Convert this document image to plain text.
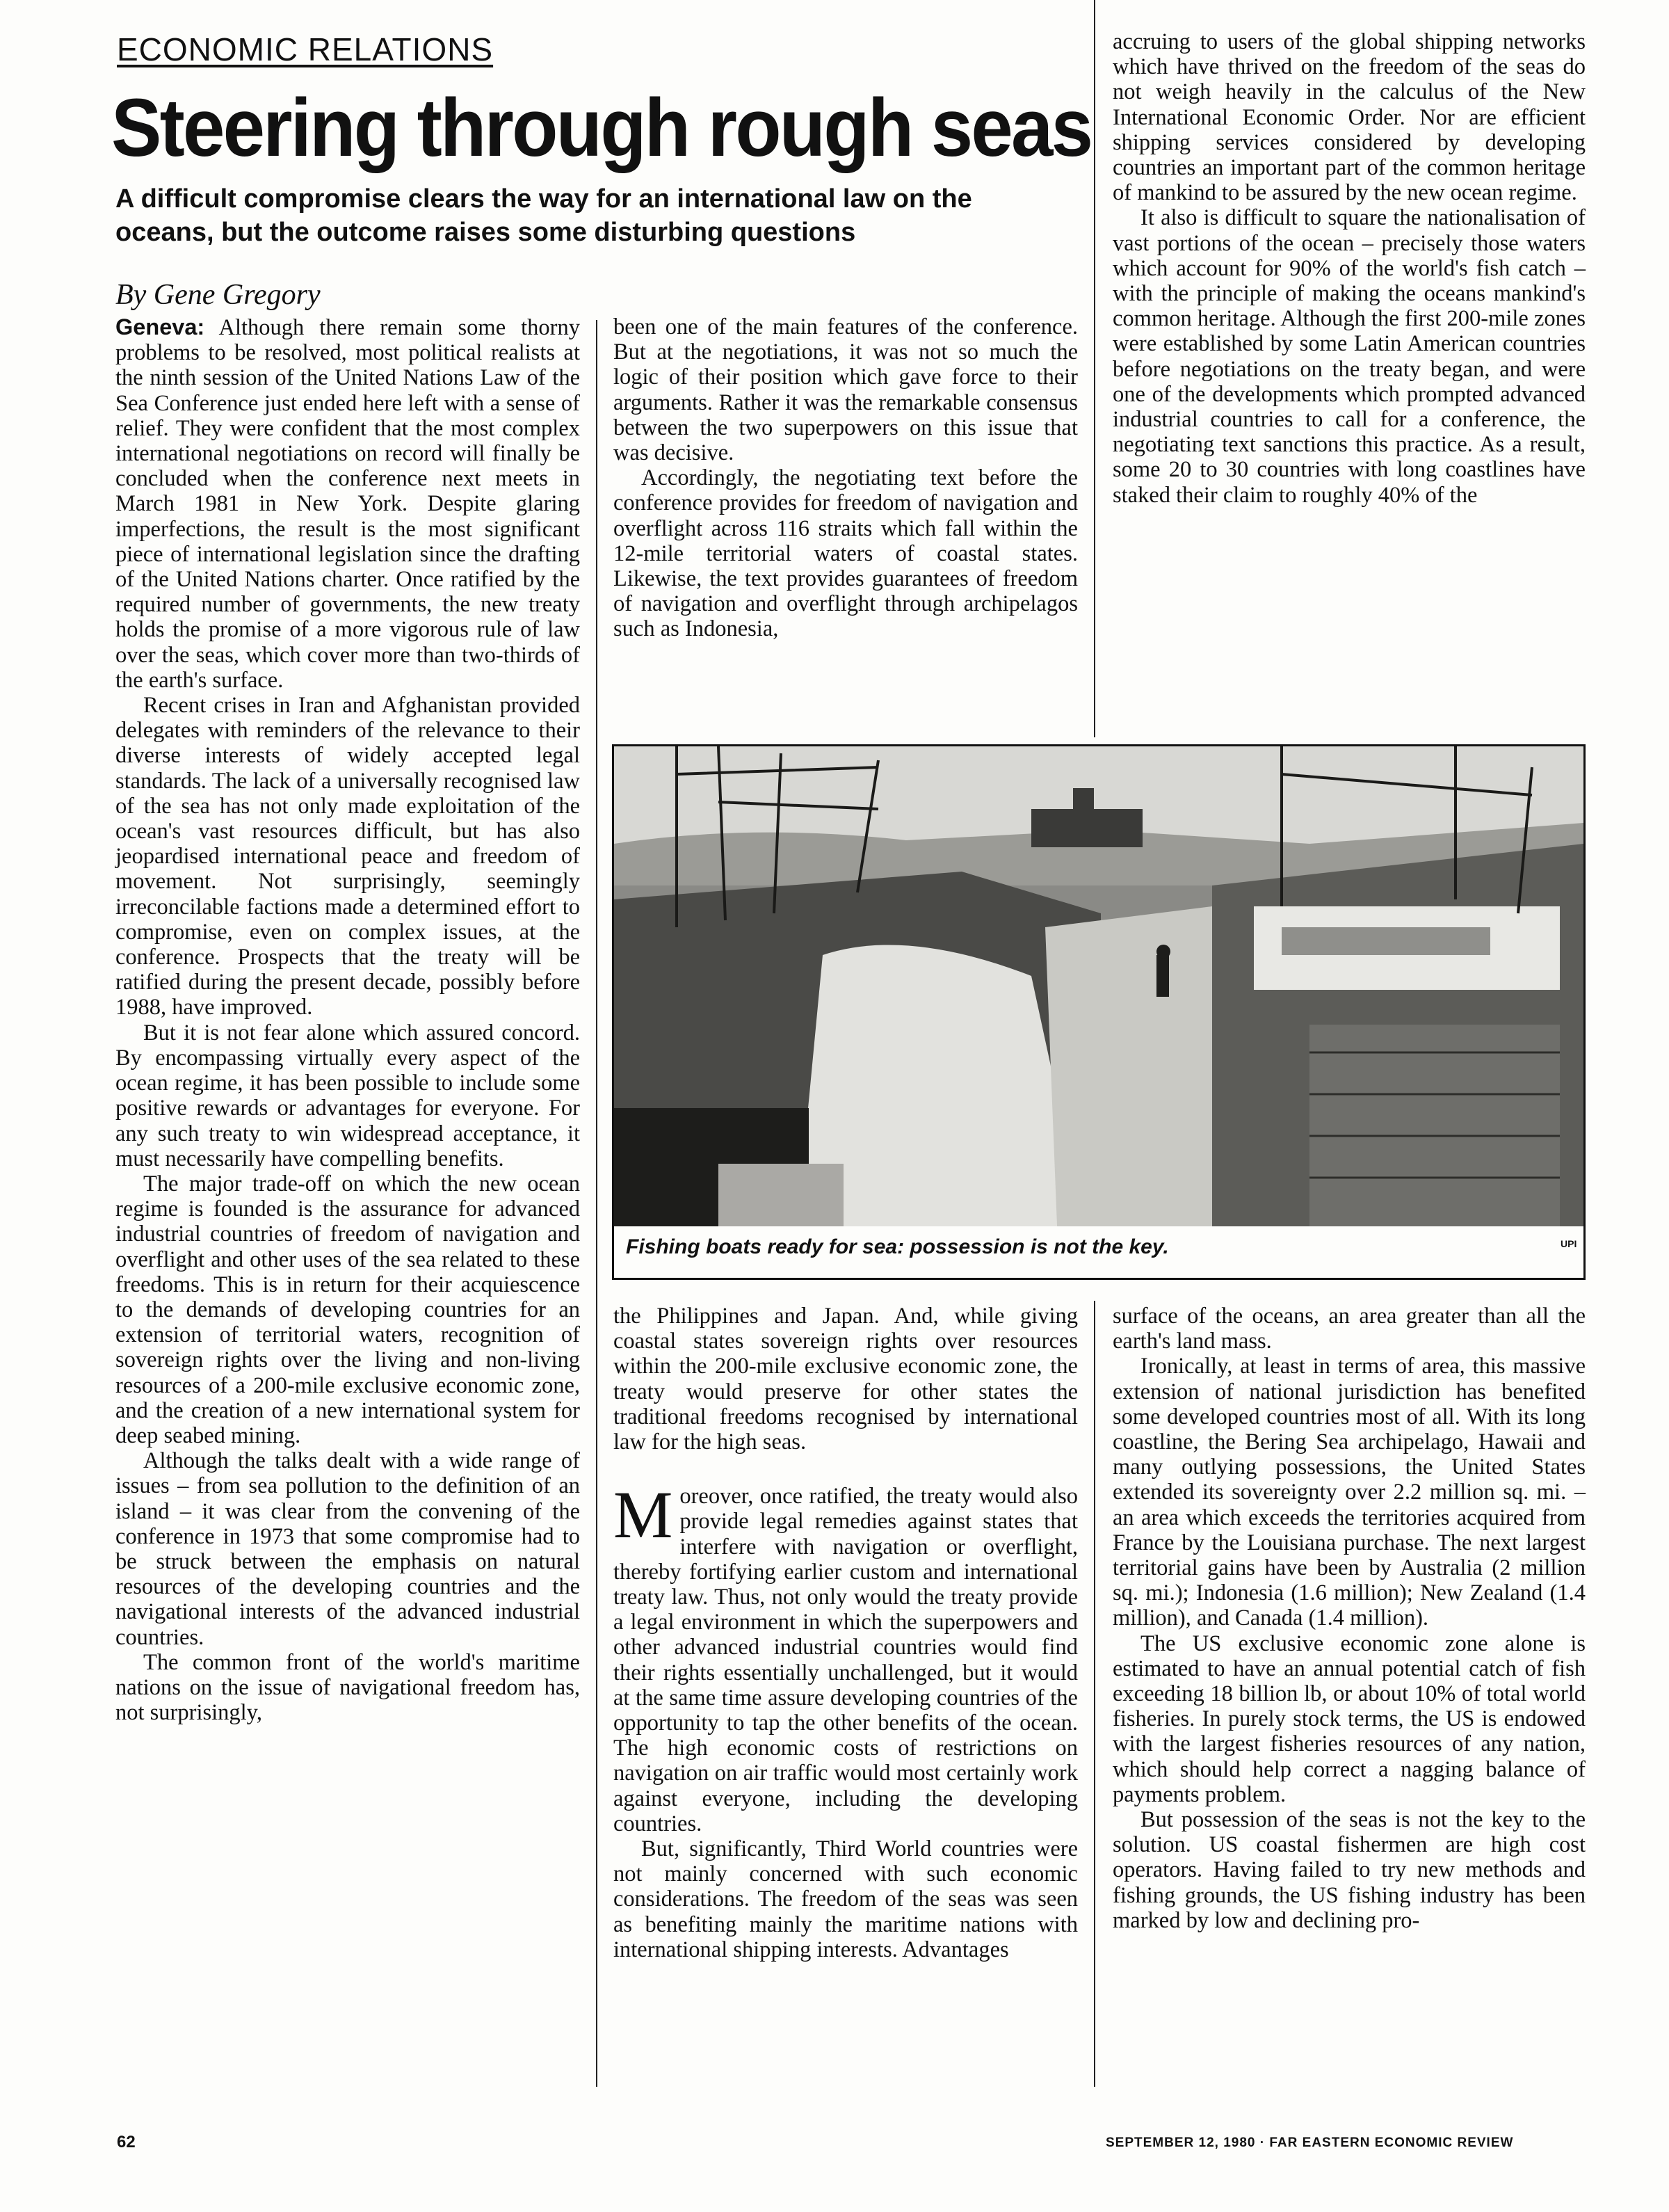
ECONOMIC RELATIONS
Steering through rough seas

A difficult compromise clears the way for an international law on the oceans, but the outcome raises some disturbing questions

By Gene Gregory

Geneva: Although there remain some thorny problems to be resolved, most political realists at the ninth session of the United Nations Law of the Sea Conference just ended here left with a sense of relief. They were confident that the most complex international negotiations on record will finally be concluded when the conference next meets in March 1981 in New York. Despite glaring imperfections, the result is the most significant piece of international legislation since the drafting of the United Nations charter. Once ratified by the required number of governments, the new treaty holds the promise of a more vigorous rule of law over the seas, which cover more than two-thirds of the earth's surface.

Recent crises in Iran and Afghanistan provided delegates with reminders of the relevance to their diverse interests of widely accepted legal standards. The lack of a universally recognised law of the sea has not only made exploitation of the ocean's vast resources difficult, but has also jeopardised international peace and freedom of movement. Not surprisingly, seemingly irreconcilable factions made a determined effort to compromise, even on complex issues, at the conference. Prospects that the treaty will be ratified during the present decade, possibly before 1988, have improved.

But it is not fear alone which assured concord. By encompassing virtually every aspect of the ocean regime, it has been possible to include some positive rewards or advantages for everyone. For any such treaty to win widespread acceptance, it must necessarily have compelling benefits.

The major trade-off on which the new ocean regime is founded is the assurance for advanced industrial countries of freedom of navigation and overflight and other uses of the sea related to these freedoms. This is in return for their acquiescence to the demands of developing countries for an extension of territorial waters, recognition of sovereign rights over the living and non-living resources of a 200-mile exclusive economic zone, and the creation of a new international system for deep seabed mining.

Although the talks dealt with a wide range of issues – from sea pollution to the definition of an island – it was clear from the convening of the conference in 1973 that some compromise had to be struck between the emphasis on natural resources of the developing countries and the navigational interests of the advanced industrial countries.

The common front of the world's maritime nations on the issue of navigational freedom has, not surprisingly,

been one of the main features of the conference. But at the negotiations, it was not so much the logic of their position which gave force to their arguments. Rather it was the remarkable consensus between the two superpowers on this issue that was decisive.

Accordingly, the negotiating text before the conference provides for freedom of navigation and overflight across 116 straits which fall within the 12-mile territorial waters of coastal states. Likewise, the text provides guarantees of freedom of navigation and overflight through archipelagos such as Indonesia,

accruing to users of the global shipping networks which have thrived on the freedom of the seas do not weigh heavily in the calculus of the New International Economic Order. Nor are efficient shipping services considered by developing countries an important part of the common heritage of mankind to be assured by the new ocean regime.

It also is difficult to square the nationalisation of vast portions of the ocean – precisely those waters which account for 90% of the world's fish catch – with the principle of making the oceans mankind's common heritage. Although the first 200-mile zones were established by some Latin American countries before negotiations on the treaty began, and were one of the developments which prompted advanced industrial countries to call for a conference, the negotiating text sanctions this practice. As a result, some 20 to 30 countries with long coastlines have staked their claim to roughly 40% of the

Fishing boats ready for sea: possession is not the key.	UPI

the Philippines and Japan. And, while giving coastal states sovereign rights over resources within the 200-mile exclusive economic zone, the treaty would preserve for other states the traditional freedoms recognised by international law for the high seas.

Moreover, once ratified, the treaty would also provide legal remedies against states that interfere with navigation or overflight, thereby fortifying earlier custom and international treaty law. Thus, not only would the treaty provide a legal environment in which the superpowers and other advanced industrial countries would find their rights essentially unchallenged, but it would at the same time assure developing countries of the opportunity to tap the other benefits of the ocean. The high economic costs of restrictions on navigation on air traffic would most certainly work against everyone, including the developing countries.

But, significantly, Third World countries were not mainly concerned with such economic considerations. The freedom of the seas was seen as benefiting mainly the maritime nations with international shipping interests. Advantages

surface of the oceans, an area greater than all the earth's land mass.

Ironically, at least in terms of area, this massive extension of national jurisdiction has benefited some developed countries most of all. With its long coastline, the Bering Sea archipelago, Hawaii and many outlying possessions, the United States extended its sovereignty over 2.2 million sq. mi. – an area which exceeds the territories acquired from France by the Louisiana purchase. The next largest territorial gains have been by Australia (2 million sq. mi.); Indonesia (1.6 million); New Zealand (1.4 million), and Canada (1.4 million).

The US exclusive economic zone alone is estimated to have an annual potential catch of fish exceeding 18 billion lb, or about 10% of total world fisheries. In purely stock terms, the US is endowed with the largest fisheries resources of any nation, which should help correct a nagging balance of payments problem.

But possession of the seas is not the key to the solution. US coastal fishermen are high cost operators. Having failed to try new methods and fishing grounds, the US fishing industry has been marked by low and declining pro-

62	SEPTEMBER 12, 1980 · FAR EASTERN ECONOMIC REVIEW
